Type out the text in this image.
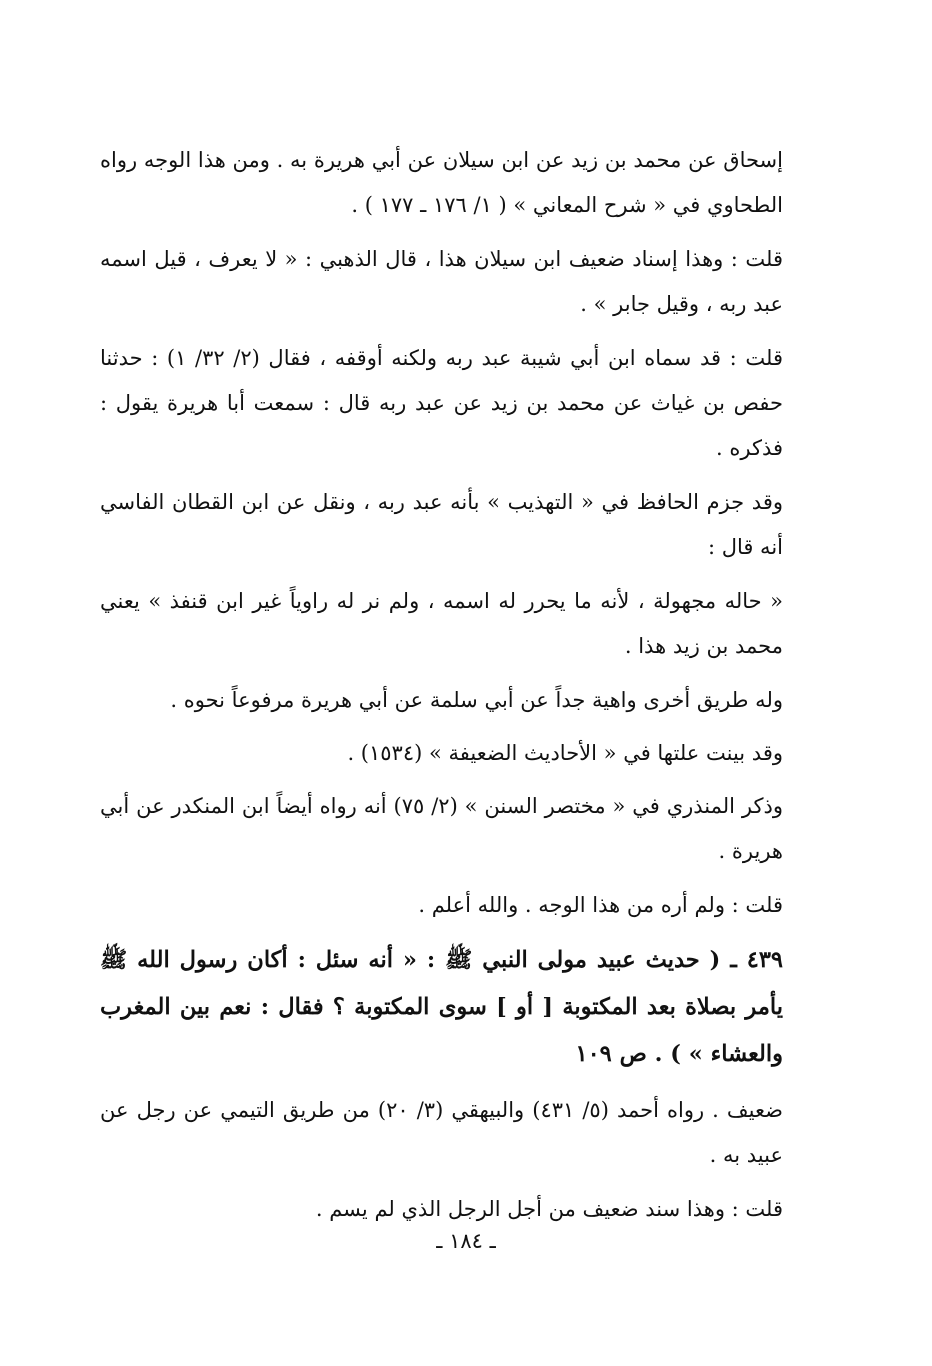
إسحاق عن محمد بن زيد عن ابن سيلان عن أبي هريرة به . ومن هذا الوجه رواه الطحاوي في « شرح المعاني » ( ١/ ١٧٦ ـ ١٧٧ ) .

قلت : وهذا إسناد ضعيف ابن سيلان هذا ، قال الذهبي : « لا يعرف ، قيل اسمه عبد ربه ، وقيل جابر » .

قلت : قد سماه ابن أبي شيبة عبد ربه ولكنه أوقفه ، فقال (٢/ ٣٢/ ١) : حدثنا حفص بن غياث عن محمد بن زيد عن عبد ربه قال : سمعت أبا هريرة يقول : فذكره .

وقد جزم الحافظ في « التهذيب » بأنه عبد ربه ، ونقل عن ابن القطان الفاسي أنه قال :

« حاله مجهولة ، لأنه ما يحرر له اسمه ، ولم نر له راوياً غير ابن قنفذ » يعني محمد بن زيد هذا .

وله طريق أخرى واهية جداً عن أبي سلمة عن أبي هريرة مرفوعاً نحوه .

وقد بينت علتها في « الأحاديث الضعيفة » (١٥٣٤) .

وذكر المنذري في « مختصر السنن » (٢/ ٧٥) أنه رواه أيضاً ابن المنكدر عن أبي هريرة .

قلت : ولم أره من هذا الوجه . والله أعلم .

٤٣٩ ـ ( حديث عبيد مولى النبي ﷺ : « أنه سئل : أكان رسول الله ﷺ يأمر بصلاة بعد المكتوبة [ أو ] سوى المكتوبة ؟ فقال : نعم بين المغرب والعشاء » ) . ص ١٠٩

ضعيف . رواه أحمد (٥/ ٤٣١) والبيهقي (٣/ ٢٠) من طريق التيمي عن رجل عن عبيد به .

قلت : وهذا سند ضعيف من أجل الرجل الذي لم يسم .

ـ ١٨٤ ـ
